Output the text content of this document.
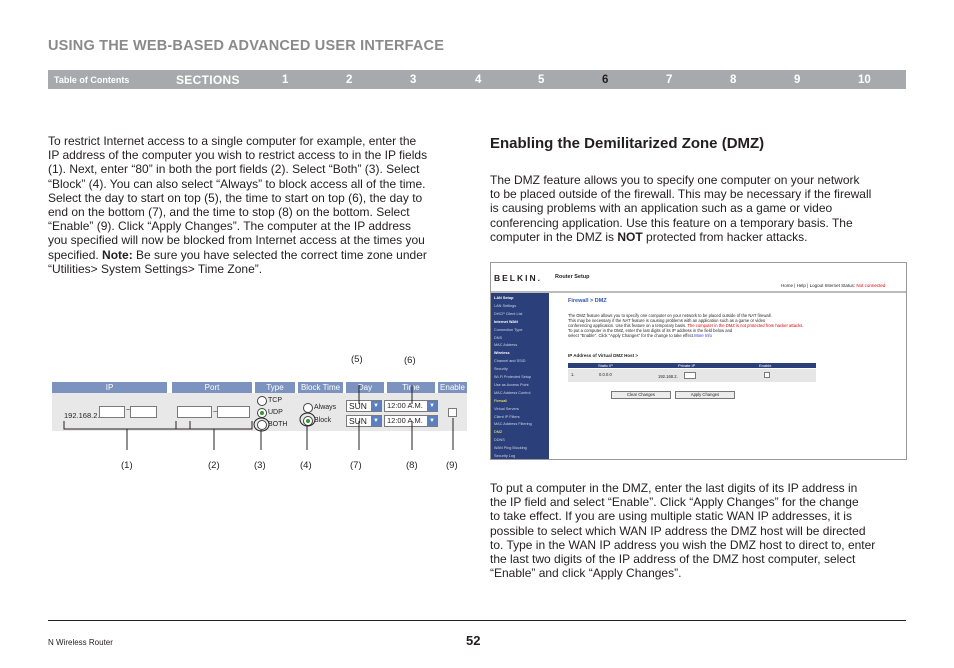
USING THE WEB-BASED ADVANCED USER INTERFACE
Table of Contents	SECTIONS	1	2	3	4	5	6	7	8	9	10
To restrict Internet access to a single computer for example, enter the
IP address of the computer you wish to restrict access to in the IP fields
(1). Next, enter “80” in both the port fields (2). Select “Both” (3). Select
“Block” (4). You can also select “Always” to block access all of the time.
Select the day to start on top (5), the time to start on top (6), the day to
end on the bottom (7), and the time to stop (8) on the bottom. Select
“Enable” (9). Click “Apply Changes”. The computer at the IP address
you specified will now be blocked from Internet access at the times you
specified. Note: Be sure you have selected the correct time zone under
“Utilities> System Settings> Time Zone”.
IP	Port	Type	Block Time	Day	Time	Enable
192.168.2.
~	~
TCP
UDP
BOTH
Always
Block
SUN	▼
SUN	▼
12:00 A.M.	▼
12:00 A.M.	▼
(5)	(6)
(1)	(2)	(3)	(4)	(7)	(8)	(9)
Enabling the Demilitarized Zone (DMZ)
The DMZ feature allows you to specify one computer on your network
to be placed outside of the firewall. This may be necessary if the firewall
is causing problems with an application such as a game or video
conferencing application. Use this feature on a temporary basis. The
computer in the DMZ is NOT protected from hacker attacks.
BELKIN. Router Setup
Home | Help | Logout Internet Status: Not connected
LAN Setup
LAN Settings
DHCP Client List
Internet WAN
Connection Type
DNS
MAC Address
Wireless
Channel and SSID
Security
Wi-Fi Protected Setup
Use as Access Point
MAC Address Control
Firewall
Virtual Servers
Client IP Filters
MAC Address Filtering
DMZ
DDNS
WAN Ping Blocking
Security Log
Firewall > DMZ
The DMZ feature allows you to specify one computer on your network to be placed outside of the NAT firewall.
This may be necessary if the NAT feature is causing problems with an application such as a game or video
conferencing application. Use this feature on a temporary basis. The computer in the DMZ is not protected from hacker attacks.
To put a computer in the DMZ, enter the last digits of its IP address in the field below and
select "Enable". Click "Apply Changes" for the change to take effect.More Info
IP Address of Virtual DMZ Host >
Static IP	Private IP	Enable
1.	0.0.0.0	192.168.2.
Clear Changes	Apply Changes
To put a computer in the DMZ, enter the last digits of its IP address in
the IP field and select “Enable”. Click “Apply Changes” for the change
to take effect. If you are using multiple static WAN IP addresses, it is
possible to select which WAN IP address the DMZ host will be directed
to. Type in the WAN IP address you wish the DMZ host to direct to, enter
the last two digits of the IP address of the DMZ host computer, select
“Enable” and click “Apply Changes”.
N Wireless Router	52
